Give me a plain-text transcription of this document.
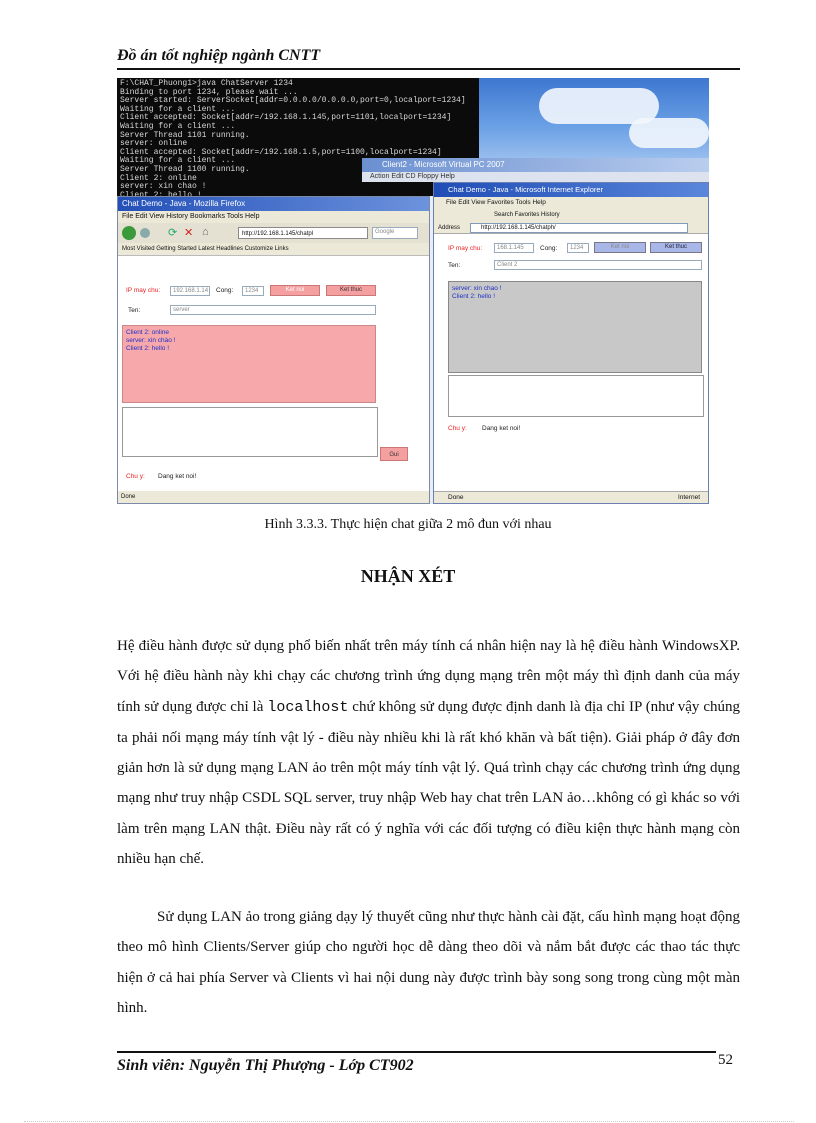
Đồ án tốt nghiệp ngành CNTT
F:\CHAT_Phuong1>java ChatServer 1234
Binding to port 1234, please wait ...
Server started: ServerSocket[addr=0.0.0.0/0.0.0.0,port=0,localport=1234]
Waiting for a client ...
Client accepted: Socket[addr=/192.168.1.145,port=1101,localport=1234]
Waiting for a client ...
Server Thread 1101 running.
server: online
Client accepted: Socket[addr=/192.168.1.5,port=1100,localport=1234]
Waiting for a client ...
Server Thread 1100 running.
Client 2: online
server: xin chao !
Client 2: hello !
Client2 - Microsoft Virtual PC 2007
Action Edit CD Floppy Help
Chat Demo - Java - Mozilla Firefox
File Edit View History Bookmarks Tools Help
⟳ ✕ ⌂	http://192.168.1.145/chatpl	Google
Most Visited Getting Started Latest Headlines Customize Links
IP may chu:	192.168.1.14	Cong:	1234	Ket noi	Ket thuc
Ten:	server
Client 2: online
server: xin chào !
Client 2: hello !
Gui
Chu y: Dang ket noi!
Done
Chat Demo - Java - Microsoft Internet Explorer
File Edit View Favorites Tools Help
Search Favorites History
Address	http://192.168.1.145/chatph/
IP may chu:	168.1.145	Cong:	1234	Ket noi	Ket thuc
Ten:	Client 2
server: xin chao !
Client 2: hello !
Chu y: Dang ket noi!
Done	Internet
Hình 3.3.3. Thực hiện chat giữa 2 mô đun với nhau
NHẬN XÉT
Hệ điều hành được sử dụng phổ biến nhất trên máy tính cá nhân hiện nay là hệ điều hành WindowsXP. Với hệ điều hành này khi chạy các chương trình ứng dụng mạng trên một máy thì định danh của máy tính sử dụng được chỉ là localhost chứ không sử dụng được định danh là địa chỉ IP (như vậy chúng ta phải nối mạng máy tính vật lý - điều này nhiều khi là rất khó khăn và bất tiện). Giải pháp ở đây đơn giản hơn là sử dụng mạng LAN ảo trên một máy tính vật lý. Quá trình chạy các chương trình ứng dụng mạng như truy nhập CSDL SQL server, truy nhập Web hay chat trên LAN ảo…không có gì khác so với làm trên mạng LAN thật. Điều này rất có ý nghĩa với các đối tượng có điều kiện thực hành mạng còn nhiều hạn chế.
Sử dụng LAN ảo trong giảng dạy lý thuyết cũng như thực hành cài đặt, cấu hình mạng hoạt động theo mô hình Clients/Server giúp cho người học dễ dàng theo dõi và nắm bắt được các thao tác thực hiện ở cả hai phía Server và Clients vì hai nội dung này được trình bày song song trong cùng một màn hình.
Sinh viên: Nguyễn Thị Phượng - Lớp CT902	52
